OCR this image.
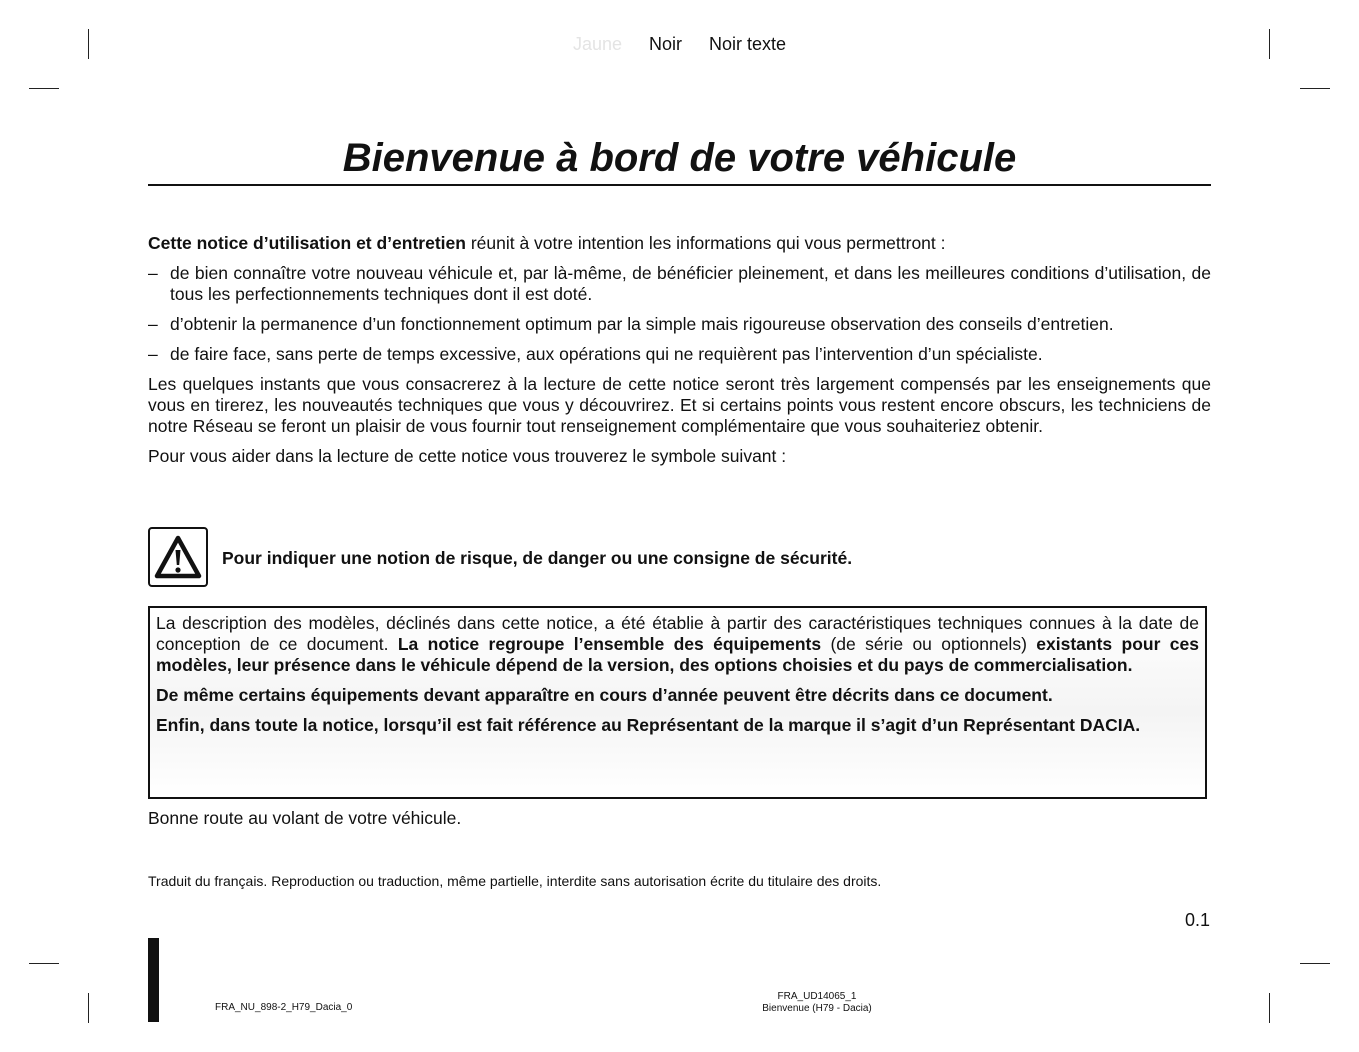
Jaune Noir Noir texte
Bienvenue à bord de votre véhicule

Cette notice d’utilisation et d’entretien réunit à votre intention les informations qui vous permettront :

– de bien connaître votre nouveau véhicule et, par là-même, de bénéficier pleinement, et dans les meilleures conditions d’utilisation, de tous les perfectionnements techniques dont il est doté.
– d’obtenir la permanence d’un fonctionnement optimum par la simple mais rigoureuse observation des conseils d’entretien.
– de faire face, sans perte de temps excessive, aux opérations qui ne requièrent pas l’intervention d’un spécialiste.

Les quelques instants que vous consacrerez à la lecture de cette notice seront très largement compensés par les enseignements que vous en tirerez, les nouveautés techniques que vous y découvrirez. Et si certains points vous restent encore obscurs, les techniciens de notre Réseau se feront un plaisir de vous fournir tout renseignement complémentaire que vous souhaiteriez obtenir.

Pour vous aider dans la lecture de cette notice vous trouverez le symbole suivant :

Pour indiquer une notion de risque, de danger ou une consigne de sécurité.

La description des modèles, déclinés dans cette notice, a été établie à partir des caractéristiques techniques connues à la date de conception de ce document. La notice regroupe l’ensemble des équipements (de série ou optionnels) existants pour ces modèles, leur présence dans le véhicule dépend de la version, des options choisies et du pays de commercialisation.

De même certains équipements devant apparaître en cours d’année peuvent être décrits dans ce document.

Enfin, dans toute la notice, lorsqu’il est fait référence au Représentant de la marque il s’agit d’un Représentant DACIA.

Bonne route au volant de votre véhicule.
Traduit du français. Reproduction ou traduction, même partielle, interdite sans autorisation écrite du titulaire des droits.
0.1
FRA_NU_898-2_H79_Dacia_0
FRA_UD14065_1
Bienvenue (H79 - Dacia)
